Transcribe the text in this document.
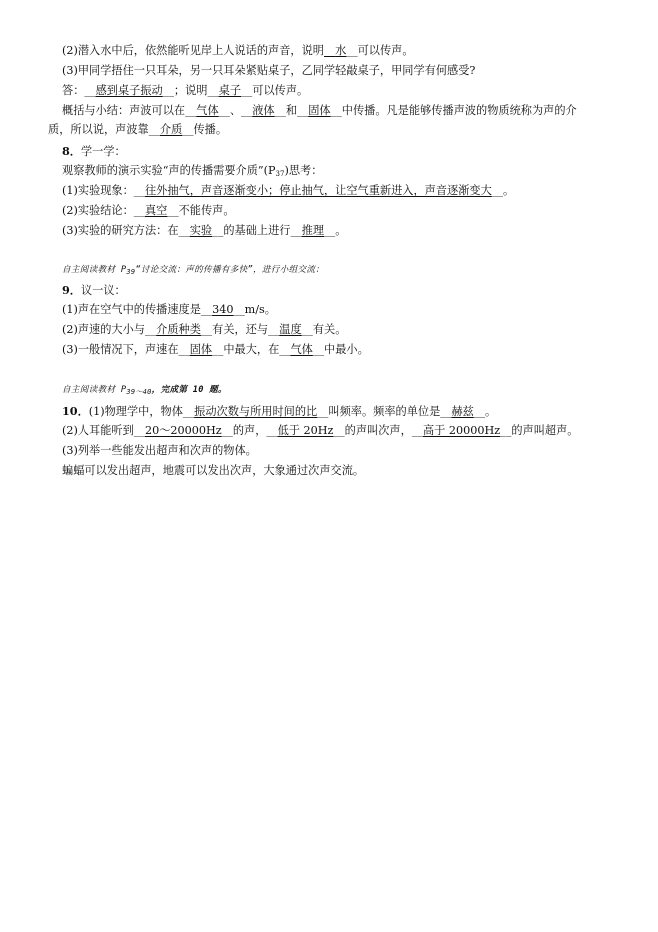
(2)潜入水中后，依然能听见岸上人说话的声音，说明__水__可以传声。
(3)甲同学捂住一只耳朵，另一只耳朵紧贴桌子，乙同学轻敲桌子，甲同学有何感受?
答：__感到桌子振动__；说明__桌子__可以传声。
概括与小结：声波可以在__气体__、__液体__和__固体__中传播。凡是能够传播声波的物质统称为声的介
质，所以说，声波靠__介质__传播。
8．学一学：
观察教师的演示实验“声的传播需要介质$”(P_{37})$思考：
(1)实验现象：__往外抽气，声音逐渐变小；停止抽气，让空气重新进入，声音逐渐变大__。
(2)实验结论：__真空__不能传声。
(3)实验的研究方法：在__实验__的基础上进行__推理__。
自主阅读教材 $P_{39}“$讨论交流：声的传播有多快”，进行小组交流：
9．议一议：
(1)声在空气中的传播速度是__340__m/s。
(2)声速的大小与__介质种类__有关，还与__温度__有关。
(3)一般情况下，声速在__固体__中最大，在__气体__中最小。
自主阅读教材 $P_{39\sim 40}$，完成第 10 题。
10．(1)物理学中，物体__振动次数与所用时间的比__叫频率。频率的单位是__赫兹__。
(2)人耳能听到__20～20000Hz__的声，__低于 20Hz__的声叫次声，__高于 20000Hz__的声叫超声。
(3)列举一些能发出超声和次声的物体。
蝙蝠可以发出超声，地震可以发出次声，大象通过次声交流。
